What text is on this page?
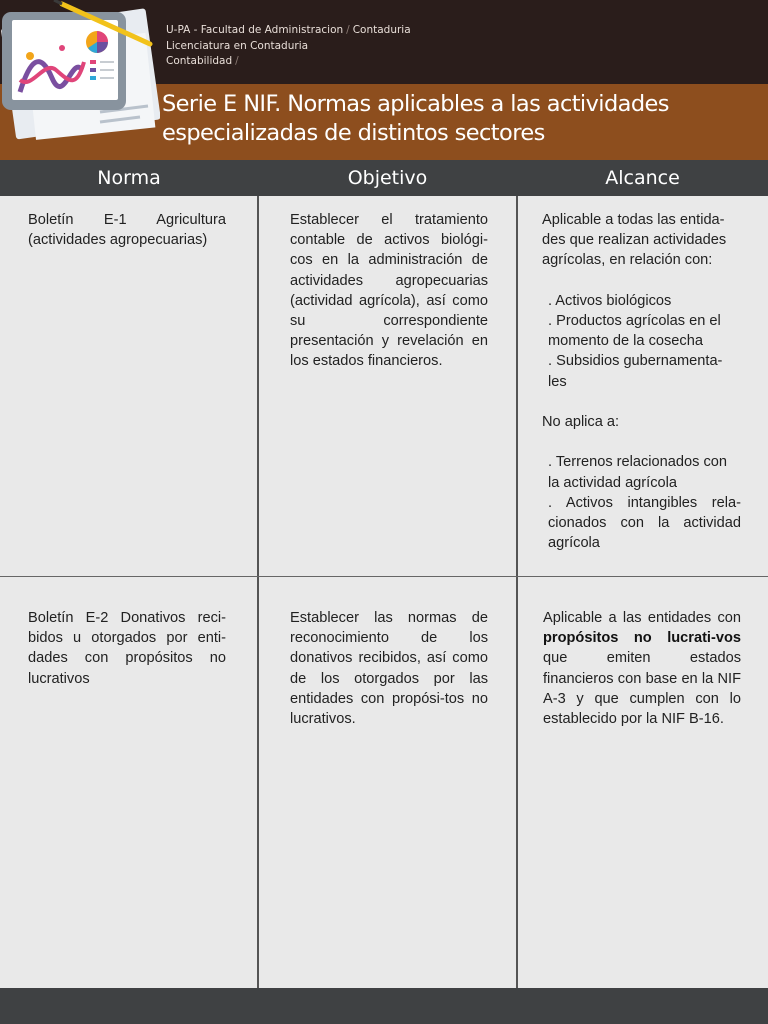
U-PA - Facultad de Administracion / Contaduria
Licenciatura en Contaduria
Contabilidad /
Serie E NIF. Normas aplicables a las actividades especializadas de distintos sectores
Norma	Objetivo	Alcance
Boletín E-1 Agricultura (actividades agropecuarias)
Establecer el tratamiento contable de activos biológi-cos en la administración de actividades agropecuarias (actividad agrícola), así como su correspondiente presentación y revelación en los estados financieros.

Aplicable a todas las entida-des que realizan actividades agrícolas, en relación con:

. Activos biológicos

. Productos agrícolas en el momento de la cosecha

. Subsidios gubernamenta-les

No aplica a:

. Terrenos relacionados con la actividad agrícola

. Activos intangibles rela-cionados con la actividad agrícola

Boletín E-2 Donativos reci-bidos u otorgados por enti-dades con propósitos no lucrativos
Establecer las normas de reconocimiento de los donativos recibidos, así como de los otorgados por las entidades con propósi-tos no lucrativos.
Aplicable a las entidades con propósitos no lucrati-vos que emiten estados financieros con base en la NIF A-3 y que cumplen con lo establecido por la NIF B-16.
